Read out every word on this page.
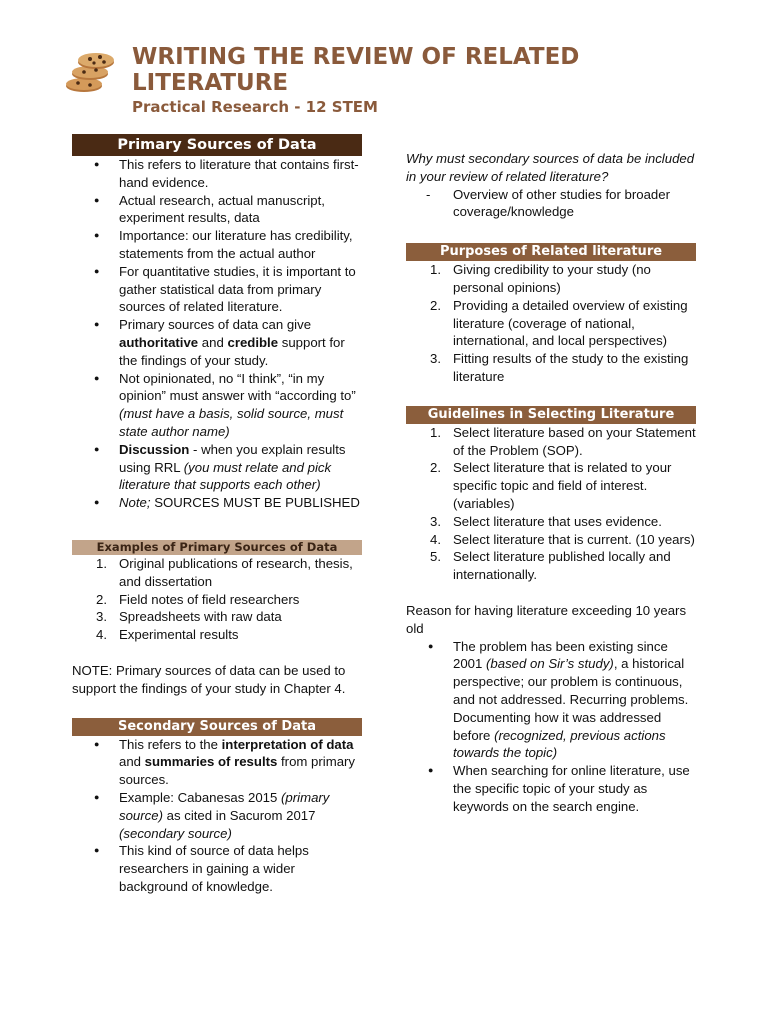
WRITING THE REVIEW OF RELATED LITERATURE
Practical Research - 12 STEM
Primary Sources of Data
● This refers to literature that contains first-hand evidence.
● Actual research, actual manuscript, experiment results, data
● Importance: our literature has credibility, statements from the actual author
● For quantitative studies, it is important to gather statistical data from primary sources of related literature.
● Primary sources of data can give authoritative and credible support for the findings of your study.
● Not opinionated, no “I think”, “in my opinion” must answer with “according to” (must have a basis, solid source, must state author name)
● Discussion - when you explain results using RRL (you must relate and pick literature that supports each other)
● Note; SOURCES MUST BE PUBLISHED
Examples of Primary Sources of Data
1. Original publications of research, thesis, and dissertation
2. Field notes of field researchers
3. Spreadsheets with raw data
4. Experimental results

NOTE: Primary sources of data can be used to support the findings of your study in Chapter 4.

Secondary Sources of Data
● This refers to the interpretation of data and summaries of results from primary sources.
● Example: Cabanesas 2015 (primary source) as cited in Sacurom 2017 (secondary source)
● This kind of source of data helps researchers in gaining a wider background of knowledge.

Why must secondary sources of data be included in your review of related literature?

- Overview of other studies for broader coverage/knowledge
Purposes of Related literature
1. Giving credibility to your study (no personal opinions)
2. Providing a detailed overview of existing literature (coverage of national, international, and local perspectives)
3. Fitting results of the study to the existing literature
Guidelines in Selecting Literature
1. Select literature based on your Statement of the Problem (SOP).
2. Select literature that is related to your specific topic and field of interest. (variables)
3. Select literature that uses evidence.
4. Select literature that is current. (10 years)
5. Select literature published locally and internationally.

Reason for having literature exceeding 10 years old

● The problem has been existing since 2001 (based on Sir’s study), a historical perspective; our problem is continuous, and not addressed. Recurring problems. Documenting how it was addressed before (recognized, previous actions towards the topic)
● When searching for online literature, use the specific topic of your study as keywords on the search engine.
